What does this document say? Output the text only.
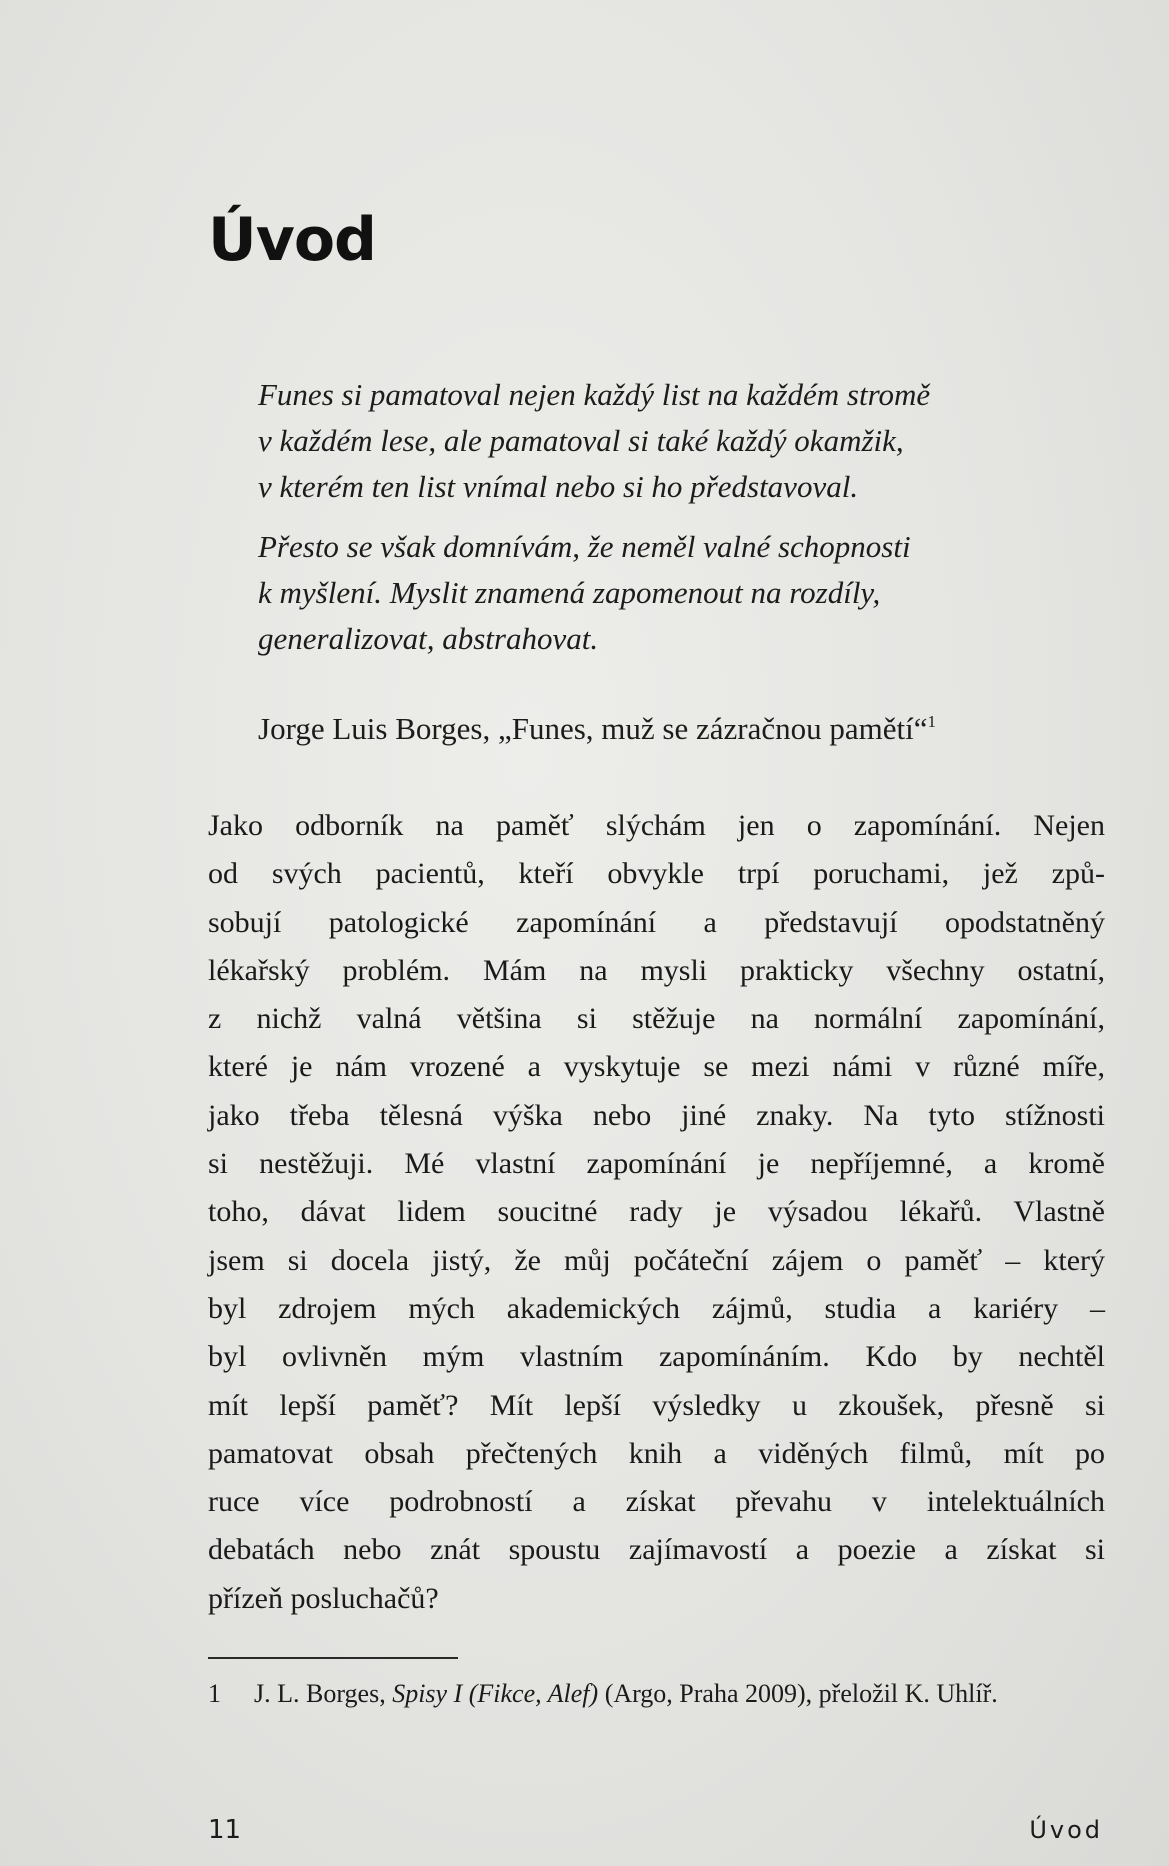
Úvod

Funes si pamatoval nejen každý list na každém stromě
v každém lese, ale pamatoval si také každý okamžik,
v kterém ten list vnímal nebo si ho představoval.

Přesto se však domnívám, že neměl valné schopnosti
k myšlení. Myslit znamená zapomenout na rozdíly,
generalizovat, abstrahovat.

Jorge Luis Borges, „Funes, muž se zázračnou pamětí“$^1$
Jako odborník na paměť slýchám jen o zapomínání. Nejen
od svých pacientů, kteří obvykle trpí poruchami, jež způ-
sobují patologické zapomínání a představují opodstatněný
lékařský problém. Mám na mysli prakticky všechny ostatní,
z nichž valná většina si stěžuje na normální zapomínání,
které je nám vrozené a vyskytuje se mezi námi v různé míře,
jako třeba tělesná výška nebo jiné znaky. Na tyto stížnosti
si nestěžuji. Mé vlastní zapomínání je nepříjemné, a kromě
toho, dávat lidem soucitné rady je výsadou lékařů. Vlastně
jsem si docela jistý, že můj počáteční zájem o paměť – který
byl zdrojem mých akademických zájmů, studia a kariéry –
byl ovlivněn mým vlastním zapomínáním. Kdo by nechtěl
mít lepší paměť? Mít lepší výsledky u zkoušek, přesně si
pamatovat obsah přečtených knih a viděných filmů, mít po
ruce více podrobností a získat převahu v intelektuálních
debatách nebo znát spoustu zajímavostí a poezie a získat si
přízeň posluchačů?
1 J. L. Borges, Spisy I (Fikce, Alef) (Argo, Praha 2009), přeložil K. Uhlíř.
11	Úvod
